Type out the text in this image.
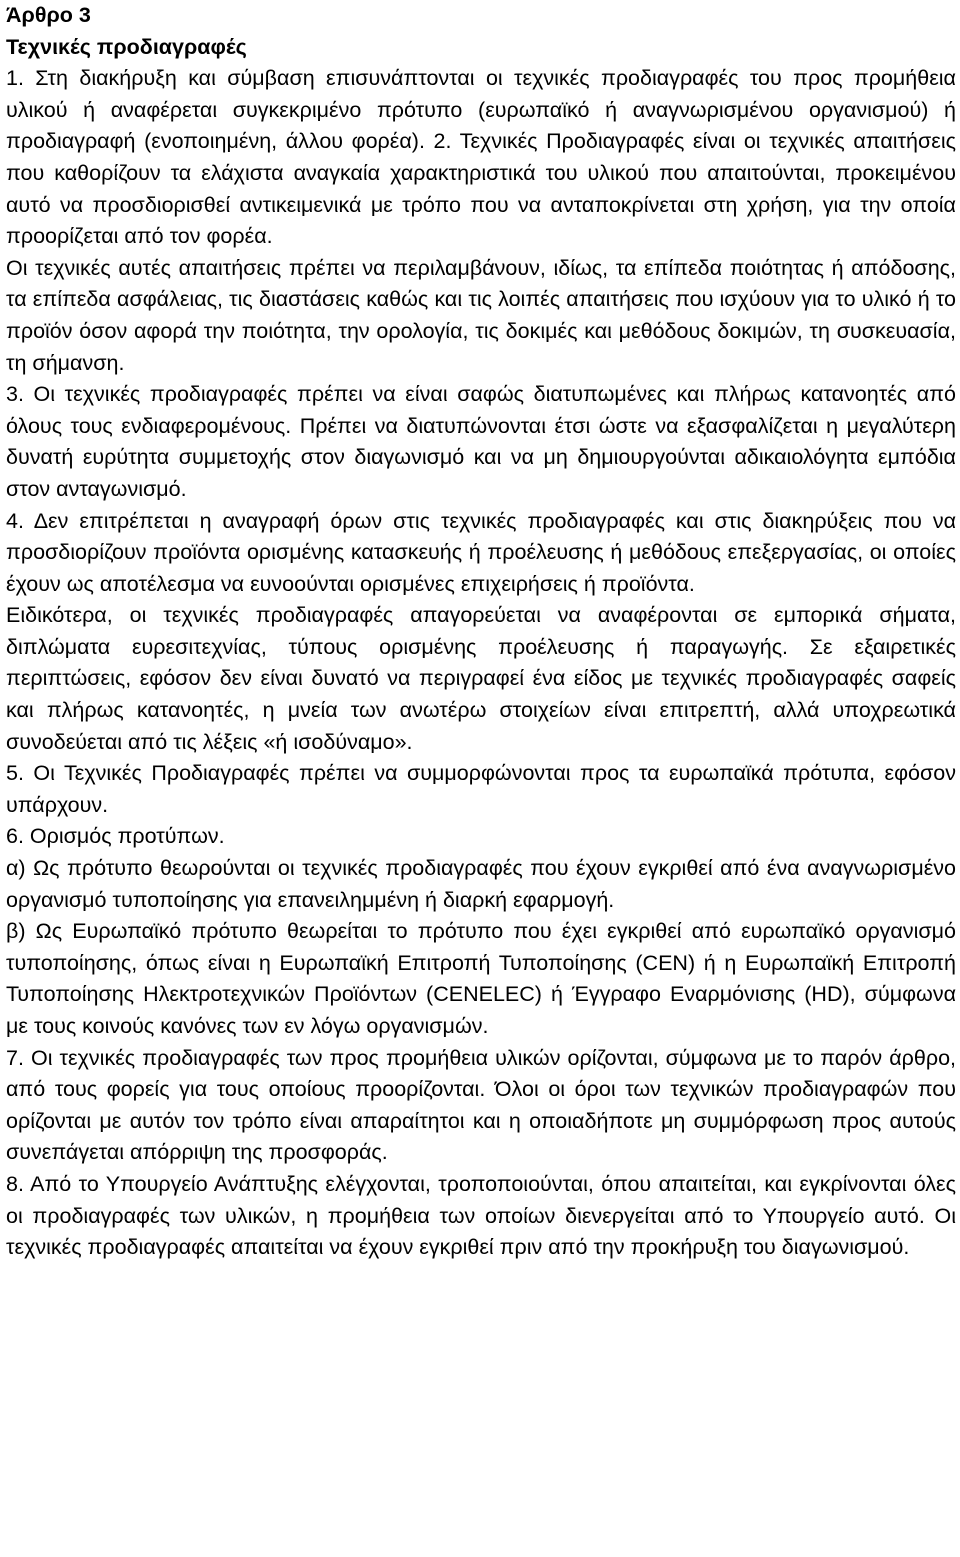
Άρθρο 3
Τεχνικές προδιαγραφές

1. Στη διακήρυξη και σύμβαση επισυνάπτονται οι τεχνικές προδιαγραφές του προς προμήθεια υλικού ή αναφέρεται συγκεκριμένο πρότυπο (ευρωπαϊκό ή αναγνωρισμένου οργανισμού) ή προδιαγραφή (ενοποιημένη, άλλου φορέα). 2. Τεχνικές Προδιαγραφές είναι οι τεχνικές απαιτήσεις που καθορίζουν τα ελάχιστα αναγκαία χαρακτηριστικά του υλικού που απαιτούνται, προκειμένου αυτό να προσδιορισθεί αντικειμενικά με τρόπο που να ανταποκρίνεται στη χρήση, για την οποία προορίζεται από τον φορέα.

Οι τεχνικές αυτές απαιτήσεις πρέπει να περιλαμβάνουν, ιδίως, τα επίπεδα ποιότητας ή απόδοσης, τα επίπεδα ασφάλειας, τις διαστάσεις καθώς και τις λοιπές απαιτήσεις που ισχύουν για το υλικό ή το προϊόν όσον αφορά την ποιότητα, την ορολογία, τις δοκιμές και μεθόδους δοκιμών, τη συσκευασία, τη σήμανση.

3. Οι τεχνικές προδιαγραφές πρέπει να είναι σαφώς διατυπωμένες και πλήρως κατανοητές από όλους τους ενδιαφερομένους. Πρέπει να διατυπώνονται έτσι ώστε να εξασφαλίζεται η μεγαλύτερη δυνατή ευρύτητα συμμετοχής στον διαγωνισμό και να μη δημιουργούνται αδικαιολόγητα εμπόδια στον ανταγωνισμό.

4. Δεν επιτρέπεται η αναγραφή όρων στις τεχνικές προδιαγραφές και στις διακηρύξεις που να προσδιορίζουν προϊόντα ορισμένης κατασκευής ή προέλευσης ή μεθόδους επεξεργασίας, οι οποίες έχουν ως αποτέλεσμα να ευνοούνται ορισμένες επιχειρήσεις ή προϊόντα.

Ειδικότερα, οι τεχνικές προδιαγραφές απαγορεύεται να αναφέρονται σε εμπορικά σήματα, διπλώματα ευρεσιτεχνίας, τύπους ορισμένης προέλευσης ή παραγωγής. Σε εξαιρετικές περιπτώσεις, εφόσον δεν είναι δυνατό να περιγραφεί ένα είδος με τεχνικές προδιαγραφές σαφείς και πλήρως κατανοητές, η μνεία των ανωτέρω στοιχείων είναι επιτρεπτή, αλλά υποχρεωτικά συνοδεύεται από τις λέξεις «ή ισοδύναμο».

5. Οι Τεχνικές Προδιαγραφές πρέπει να συμμορφώνονται προς τα ευρωπαϊκά πρότυπα, εφόσον υπάρχουν.

6. Ορισμός προτύπων.

α) Ως πρότυπο θεωρούνται οι τεχνικές προδιαγραφές που έχουν εγκριθεί από ένα αναγνωρισμένο οργανισμό τυποποίησης για επανειλημμένη ή διαρκή εφαρμογή.

β) Ως Ευρωπαϊκό πρότυπο θεωρείται το πρότυπο που έχει εγκριθεί από ευρωπαϊκό οργανισμό τυποποίησης, όπως είναι η Ευρωπαϊκή Επιτροπή Τυποποίησης (CEN) ή η Ευρωπαϊκή Επιτροπή Τυποποίησης Ηλεκτροτεχνικών Προϊόντων (CENELEC) ή Έγγραφο Εναρμόνισης (HD), σύμφωνα με τους κοινούς κανόνες των εν λόγω οργανισμών.

7. Οι τεχνικές προδιαγραφές των προς προμήθεια υλικών ορίζονται, σύμφωνα με το παρόν άρθρο, από τους φορείς για τους οποίους προορίζονται. Όλοι οι όροι των τεχνικών προδιαγραφών που ορίζονται με αυτόν τον τρόπο είναι απαραίτητοι και η οποιαδήποτε μη συμμόρφωση προς αυτούς συνεπάγεται απόρριψη της προσφοράς.

8. Από το Υπουργείο Ανάπτυξης ελέγχονται, τροποποιούνται, όπου απαιτείται, και εγκρίνονται όλες οι προδιαγραφές των υλικών, η προμήθεια των οποίων διενεργείται από το Υπουργείο αυτό. Οι τεχνικές προδιαγραφές απαιτείται να έχουν εγκριθεί πριν από την προκήρυξη του διαγωνισμού.
